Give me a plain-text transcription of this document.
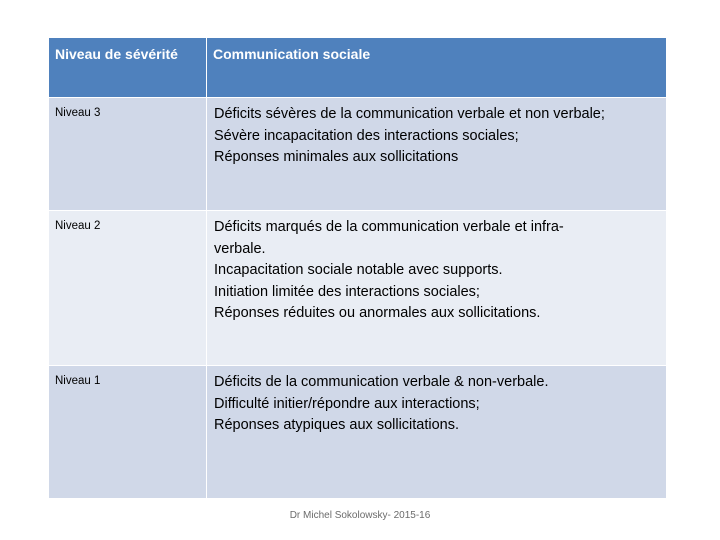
Niveau de sévérité	Communication sociale
Niveau 3	Déficits sévères de la communication verbale et non verbale;
Sévère incapacitation des interactions sociales;
Réponses minimales aux sollicitations

Niveau 2	Déficits marqués de la communication verbale et infra-
verbale.
Incapacitation sociale notable avec supports.
Initiation limitée des interactions sociales;
Réponses réduites ou anormales aux sollicitations.

Niveau 1	Déficits de la communication verbale & non-verbale.
Difficulté initier/répondre aux interactions;
Réponses atypiques aux sollicitations.
Dr Michel Sokolowsky- 2015-16
